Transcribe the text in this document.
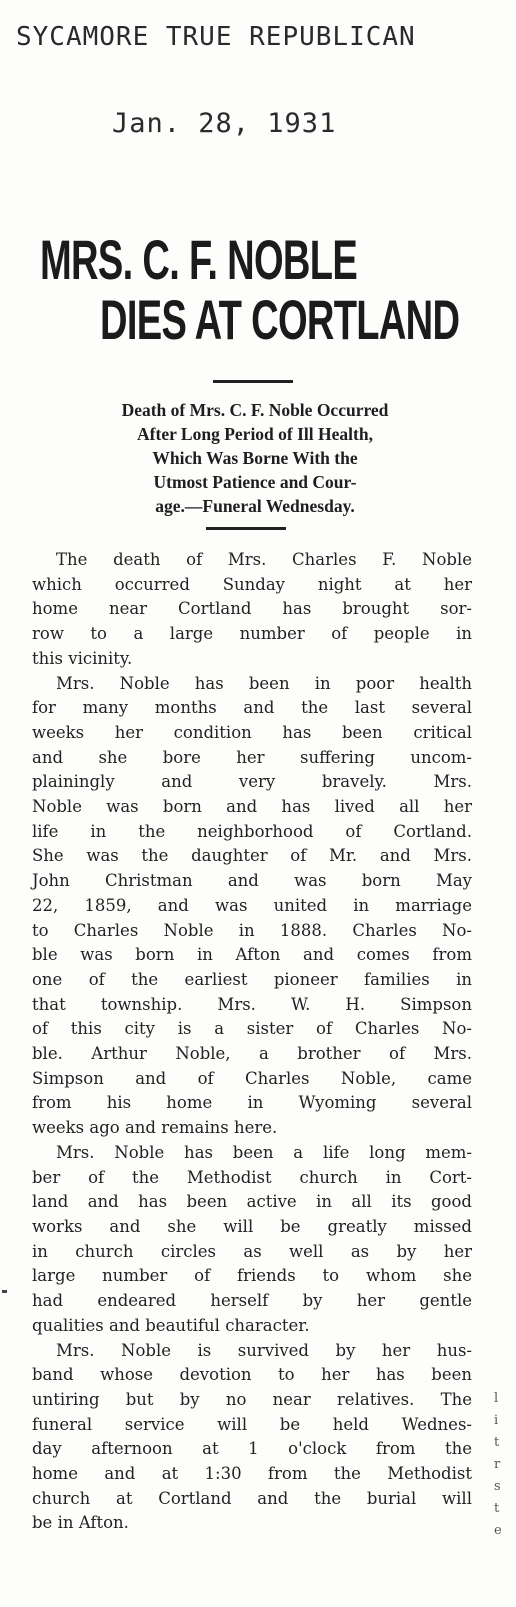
SYCAMORE TRUE REPUBLICAN
Jan. 28, 1931
MRS. C. F. NOBLE
DIES AT CORTLAND
Death of Mrs. C. F. Noble Occurred
After Long Period of Ill Health,
Which Was Borne With the
Utmost Patience and Cour-
age.—Funeral Wednesday.
The death of Mrs. Charles F. Noble
which occurred Sunday night at her
home near Cortland has brought sor-
row to a large number of people in
this vicinity.
Mrs. Noble has been in poor health
for many months and the last several
weeks her condition has been critical
and she bore her suffering uncom-
plainingly and very bravely. Mrs.
Noble was born and has lived all her
life in the neighborhood of Cortland.
She was the daughter of Mr. and Mrs.
John Christman and was born May
22, 1859, and was united in marriage
to Charles Noble in 1888. Charles No-
ble was born in Afton and comes from
one of the earliest pioneer families in
that township. Mrs. W. H. Simpson
of this city is a sister of Charles No-
ble. Arthur Noble, a brother of Mrs.
Simpson and of Charles Noble, came
from his home in Wyoming several
weeks ago and remains here.
Mrs. Noble has been a life long mem-
ber of the Methodist church in Cort-
land and has been active in all its good
works and she will be greatly missed
in church circles as well as by her
large number of friends to whom she
had endeared herself by her gentle
qualities and beautiful character.
Mrs. Noble is survived by her hus-
band whose devotion to her has been
untiring but by no near relatives. The
funeral service will be held Wednes-
day afternoon at 1 o'clock from the
home and at 1:30 from the Methodist
church at Cortland and the burial will
be in Afton.
l
i
t
r
s
t
e
